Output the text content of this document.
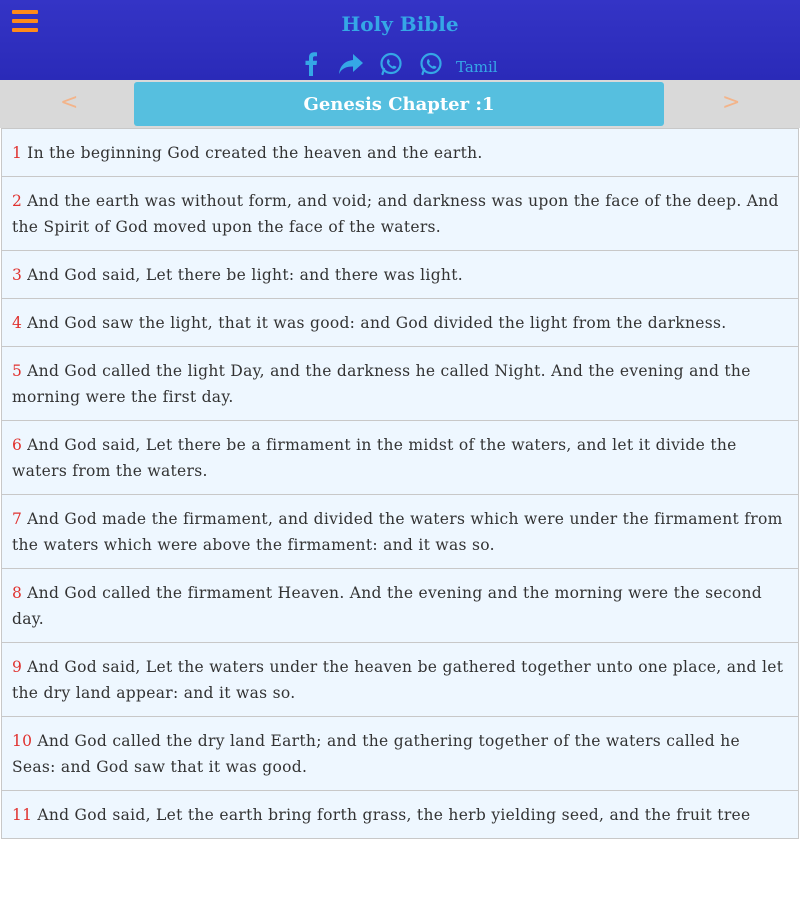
Holy Bible
Tamil
<	Genesis Chapter :1	>
1 In the beginning God created the heaven and the earth.
2 And the earth was without form, and void; and darkness was upon the face of the deep. And the Spirit of God moved upon the face of the waters.
3 And God said, Let there be light: and there was light.
4 And God saw the light, that it was good: and God divided the light from the darkness.
5 And God called the light Day, and the darkness he called Night. And the evening and the morning were the first day.
6 And God said, Let there be a firmament in the midst of the waters, and let it divide the waters from the waters.
7 And God made the firmament, and divided the waters which were under the firmament from the waters which were above the firmament: and it was so.
8 And God called the firmament Heaven. And the evening and the morning were the second day.
9 And God said, Let the waters under the heaven be gathered together unto one place, and let the dry land appear: and it was so.
10 And God called the dry land Earth; and the gathering together of the waters called he Seas: and God saw that it was good.
11 And God said, Let the earth bring forth grass, the herb yielding seed, and the fruit tree
